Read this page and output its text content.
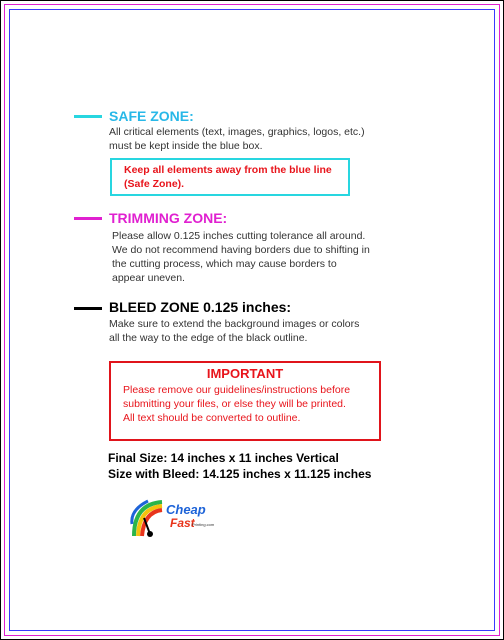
SAFE ZONE:
All critical elements (text, images, graphics, logos, etc.)
must be kept inside the blue box.
Keep all elements away from the blue line
(Safe Zone).
TRIMMING ZONE:
Please allow 0.125 inches cutting tolerance all around.
We do not recommend having borders due to shifting in
the cutting process, which may cause borders to
appear uneven.
BLEED ZONE 0.125 inches:
Make sure to extend the background images or colors
all the way to the edge of the black outline.
IMPORTANT
Please remove our guidelines/instructions before
submitting your files, or else they will be printed.
All text should be converted to outline.
Final Size: 14 inches x 11 inches Vertical
Size with Bleed: 14.125 inches x 11.125 inches
Cheap
Fast
Printing.com
